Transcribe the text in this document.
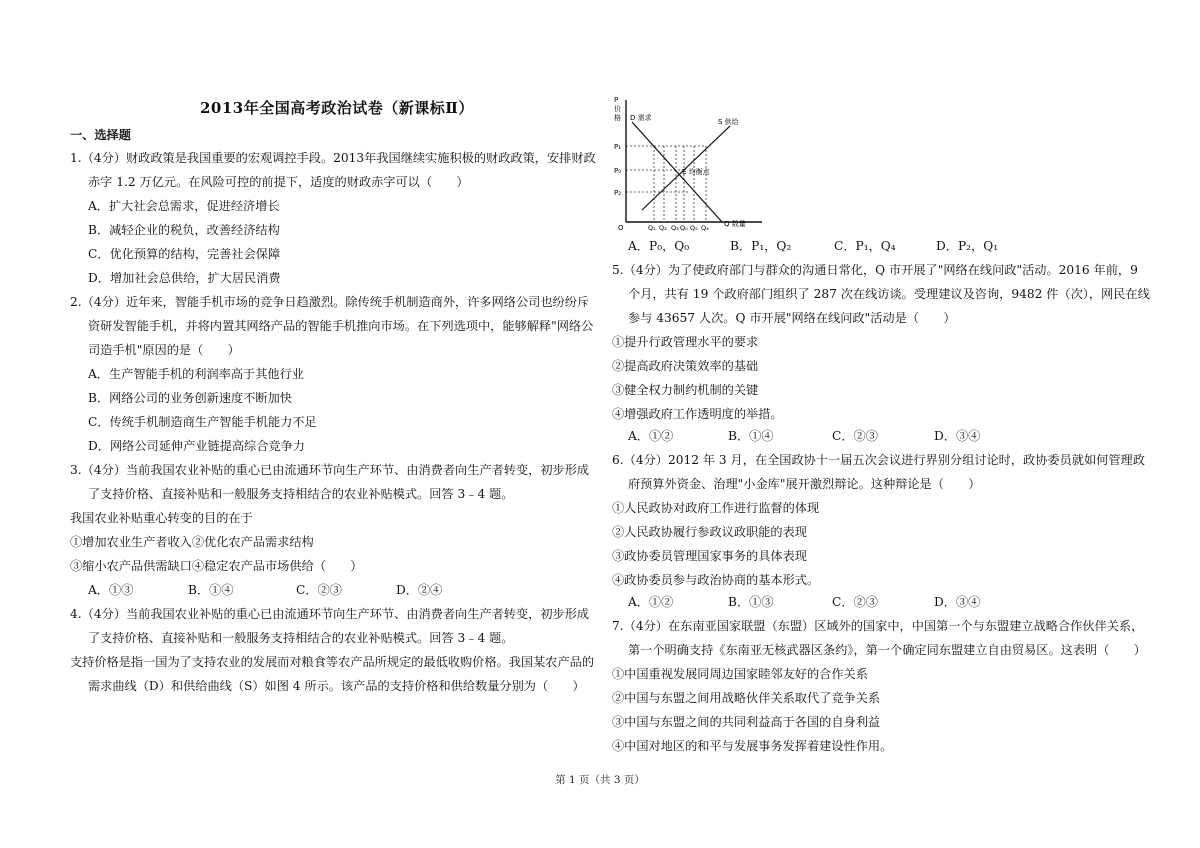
2013年全国高考政治试卷（新课标Ⅱ）
一、选择题
1.（4分）财政政策是我国重要的宏观调控手段。2013年我国继续实施积极的财政政策，安排财政
赤字 1.2 万亿元。在风险可控的前提下，适度的财政赤字可以（　　）
A．扩大社会总需求，促进经济增长
B．减轻企业的税负，改善经济结构
C．优化预算的结构，完善社会保障
D．增加社会总供给，扩大居民消费
2.（4分）近年来，智能手机市场的竞争日趋激烈。除传统手机制造商外，许多网络公司也纷纷斥
资研发智能手机，并将内置其网络产品的智能手机推向市场。在下列选项中，能够解释"网络公
司造手机"原因的是（　　）
A．生产智能手机的利润率高于其他行业
B．网络公司的业务创新速度不断加快
C．传统手机制造商生产智能手机能力不足
D．网络公司延伸产业链提高综合竞争力
3.（4分）当前我国农业补贴的重心已由流通环节向生产环节、由消费者向生产者转变，初步形成
了支持价格、直接补贴和一般服务支持相结合的农业补贴模式。回答 3﹣4 题。
我国农业补贴重心转变的目的在于
①增加农业生产者收入②优化农产品需求结构
③缩小农产品供需缺口④稳定农产品市场供给（　　）
A．①③	B．①④	C．②③	D．②④
4.（4分）当前我国农业补贴的重心已由流通环节向生产环节、由消费者向生产者转变，初步形成
了支持价格、直接补贴和一般服务支持相结合的农业补贴模式。回答 3﹣4 题。
支持价格是指一国为了支持农业的发展而对粮食等农产品所规定的最低收购价格。我国某农产品的
需求曲线（D）和供给曲线（S）如图 4 所示。该产品的支持价格和供给数量分别为（　　）
P
价
格 D 需求	S 供给
P₁
P₀
P₂
E 均衡点
O	Q₁ Q₂ Q₃ Q₀ Q₅ Q₄ Q 数量
A．P₀，Q₀	B．P₁，Q₂	C．P₁，Q₄	D．P₂，Q₁
5.（4分）为了使政府部门与群众的沟通日常化，Q 市开展了"网络在线问政"活动。2016 年前，9
个月，共有 19 个政府部门组织了 287 次在线访谈。受理建议及咨询，9482 件（次），网民在线
参与 43657 人次。Q 市开展"网络在线问政"活动是（　　）
①提升行政管理水平的要求
②提高政府决策效率的基础
③健全权力制约机制的关键
④增强政府工作透明度的举措。
A．①②	B．①④	C．②③	D．③④
6.（4分）2012 年 3 月，在全国政协十一届五次会议进行界别分组讨论时，政协委员就如何管理政
府预算外资金、治理"小金库"展开激烈辩论。这种辩论是（　　）
①人民政协对政府工作进行监督的体现
②人民政协履行参政议政职能的表现
③政协委员管理国家事务的具体表现
④政协委员参与政治协商的基本形式。
A．①②	B．①③	C．②③	D．③④
7.（4分）在东南亚国家联盟（东盟）区域外的国家中，中国第一个与东盟建立战略合作伙伴关系，
第一个明确支持《东南亚无核武器区条约》，第一个确定同东盟建立自由贸易区。这表明（　　）
①中国重视发展同周边国家睦邻友好的合作关系
②中国与东盟之间用战略伙伴关系取代了竞争关系
③中国与东盟之间的共同利益高于各国的自身利益
④中国对地区的和平与发展事务发挥着建设性作用。
第 1 页（共 3 页）
